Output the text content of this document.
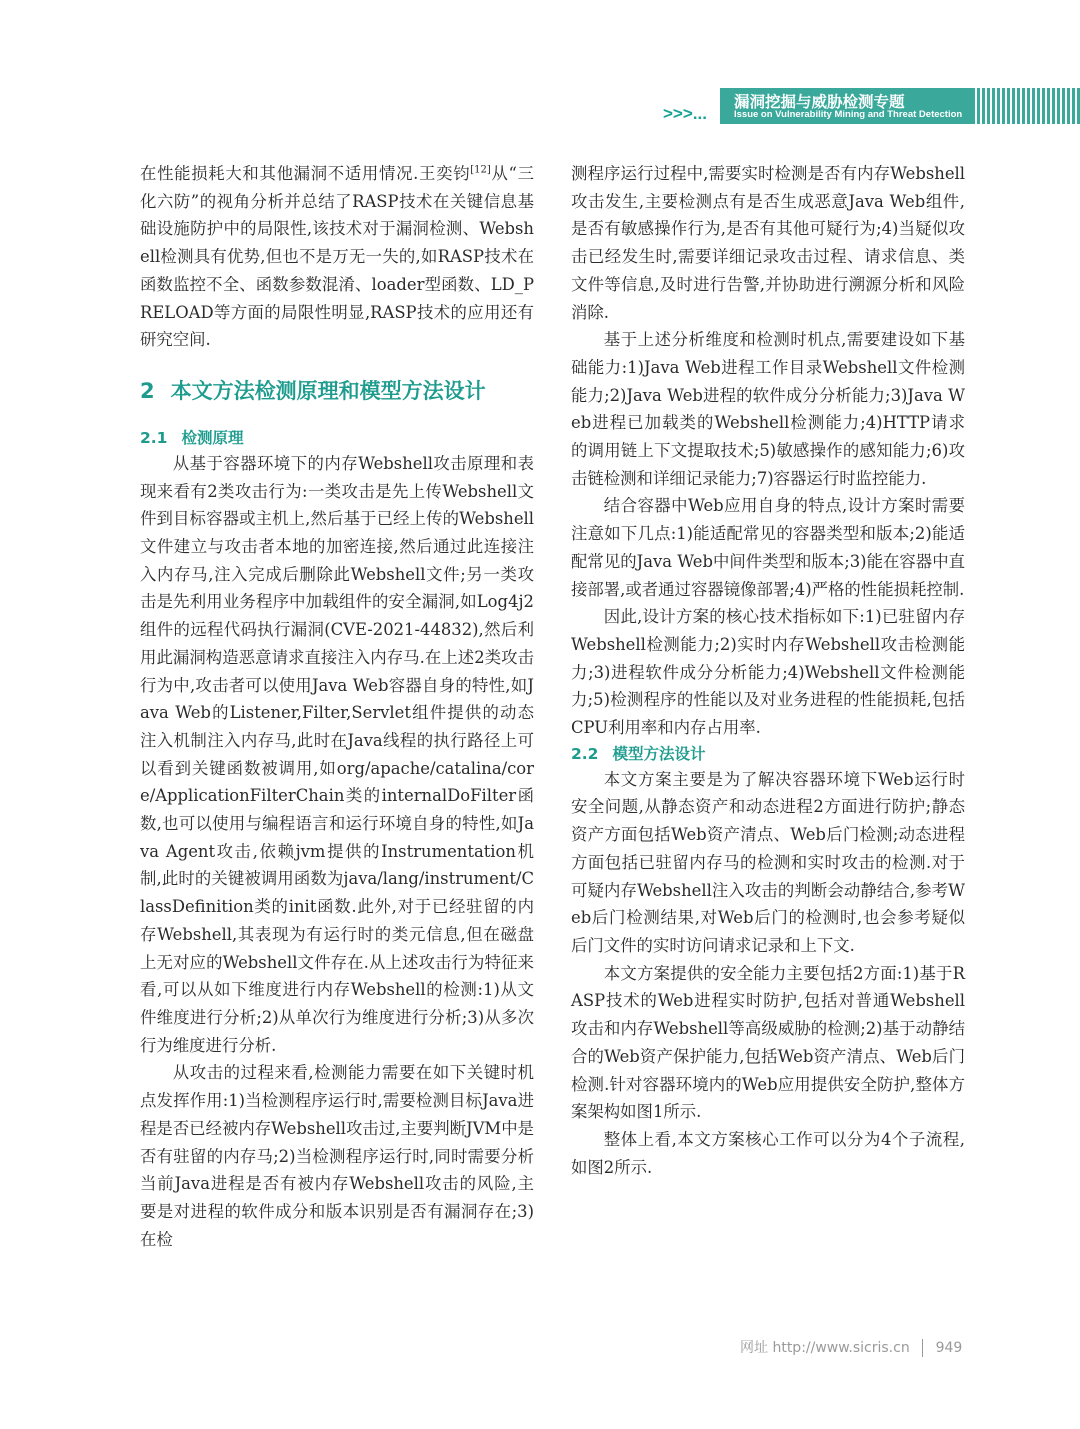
>>>...
漏洞挖掘与威胁检测专题
Issue on Vulnerability Mining and Threat Detection

在性能损耗大和其他漏洞不适用情况.王奕钧[12]从“三化六防”的视角分析并总结了RASP技术在关键信息基础设施防护中的局限性,该技术对于漏洞检测、Webshell检测具有优势,但也不是万无一失的,如RASP技术在函数监控不全、函数参数混淆、loader型函数、LD_PRELOAD等方面的局限性明显,RASP技术的应用还有研究空间.

2 本文方法检测原理和模型方法设计
2.1 检测原理

从基于容器环境下的内存Webshell攻击原理和表现来看有2类攻击行为:一类攻击是先上传Webshell文件到目标容器或主机上,然后基于已经上传的Webshell文件建立与攻击者本地的加密连接,然后通过此连接注入内存马,注入完成后删除此Webshell文件;另一类攻击是先利用业务程序中加载组件的安全漏洞,如Log4j2组件的远程代码执行漏洞(CVE-2021-44832),然后利用此漏洞构造恶意请求直接注入内存马.在上述2类攻击行为中,攻击者可以使用Java Web容器自身的特性,如Java Web的Listener,Filter,Servlet组件提供的动态注入机制注入内存马,此时在Java线程的执行路径上可以看到关键函数被调用,如org/apache/catalina/core/ApplicationFilterChain类的internalDoFilter函数,也可以使用与编程语言和运行环境自身的特性,如Java Agent攻击,依赖jvm提供的Instrumentation机制,此时的关键被调用函数为java/lang/instrument/ClassDefinition类的init函数.此外,对于已经驻留的内存Webshell,其表现为有运行时的类元信息,但在磁盘上无对应的Webshell文件存在.从上述攻击行为特征来看,可以从如下维度进行内存Webshell的检测:1)从文件维度进行分析;2)从单次行为维度进行分析;3)从多次行为维度进行分析.

从攻击的过程来看,检测能力需要在如下关键时机点发挥作用:1)当检测程序运行时,需要检测目标Java进程是否已经被内存Webshell攻击过,主要判断JVM中是否有驻留的内存马;2)当检测程序运行时,同时需要分析当前Java进程是否有被内存Webshell攻击的风险,主要是对进程的软件成分和版本识别是否有漏洞存在;3)在检

测程序运行过程中,需要实时检测是否有内存Webshell攻击发生,主要检测点有是否生成恶意Java Web组件,是否有敏感操作行为,是否有其他可疑行为;4)当疑似攻击已经发生时,需要详细记录攻击过程、请求信息、类文件等信息,及时进行告警,并协助进行溯源分析和风险消除.

基于上述分析维度和检测时机点,需要建设如下基础能力:1)Java Web进程工作目录Webshell文件检测能力;2)Java Web进程的软件成分分析能力;3)Java Web进程已加载类的Webshell检测能力;4)HTTP请求的调用链上下文提取技术;5)敏感操作的感知能力;6)攻击链检测和详细记录能力;7)容器运行时监控能力.

结合容器中Web应用自身的特点,设计方案时需要注意如下几点:1)能适配常见的容器类型和版本;2)能适配常见的Java Web中间件类型和版本;3)能在容器中直接部署,或者通过容器镜像部署;4)严格的性能损耗控制.

因此,设计方案的核心技术指标如下:1)已驻留内存Webshell检测能力;2)实时内存Webshell攻击检测能力;3)进程软件成分分析能力;4)Webshell文件检测能力;5)检测程序的性能以及对业务进程的性能损耗,包括CPU利用率和内存占用率.

2.2 模型方法设计

本文方案主要是为了解决容器环境下Web运行时安全问题,从静态资产和动态进程2方面进行防护;静态资产方面包括Web资产清点、Web后门检测;动态进程方面包括已驻留内存马的检测和实时攻击的检测.对于可疑内存Webshell注入攻击的判断会动静结合,参考Web后门检测结果,对Web后门的检测时,也会参考疑似后门文件的实时访问请求记录和上下文.

本文方案提供的安全能力主要包括2方面:1)基于RASP技术的Web进程实时防护,包括对普通Webshell攻击和内存Webshell等高级威胁的检测;2)基于动静结合的Web资产保护能力,包括Web资产清点、Web后门检测.针对容器环境内的Web应用提供安全防护,整体方案架构如图1所示.

整体上看,本文方案核心工作可以分为4个子流程,如图2所示.

网址 http://www.sicris.cn 949
